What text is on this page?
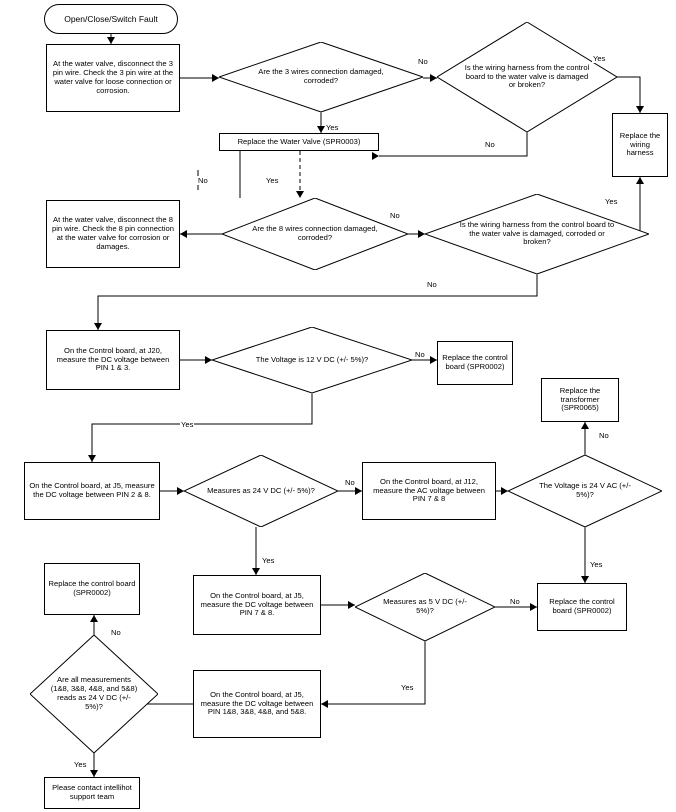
Open/Close/Switch Fault
At the water valve, disconnect the 3 pin wire. Check the 3 pin wire at the water valve for loose connection or corrosion.
Are the 3 wires connection damaged, corroded?
Is the wiring harness from the control board to the water valve is damaged or broken?
Replace the wiring harness
Replace the Water Valve (SPR0003)
At the water valve, disconnect the 8 pin wire. Check the 8 pin connection at the water valve for corrosion or damages.
Are the 8 wires connection damaged, corroded?
Is the wiring harness from the control board to the water valve is damaged, corroded or broken?
On the Control board, at J20, measure the DC voltage between PIN 1 & 3.
The Voltage is 12 V DC (+/- 5%)?	Replace the control board (SPR0002)
Replace the transformer (SPR0065)
On the Control board, at J5, measure the DC voltage between PIN 2 & 8.	Measures as 24 V DC (+/- 5%)?
On the Control board, at J12, measure the AC voltage between PIN 7 & 8
The Voltage is 24 V AC (+/- 5%)?
Replace the control board (SPR0002)	On the Control board, at J5, measure the DC voltage between PIN 7 & 8.
Measures as 5 V DC (+/- 5%)?
Replace the control board (SPR0002)
Are all measurements (1&8, 3&8, 4&8, and 5&8) reads as 24 V DC (+/- 5%)?
On the Control board, at J5, measure the DC voltage between PIN 1&8, 3&8, 4&8, and 5&8.
Please contact intellihot support team
No	Yes
Yes
No
No	Yes
No
Yes
No
No
No
Yes
No
Yes
Yes
No
Yes
No
Yes
